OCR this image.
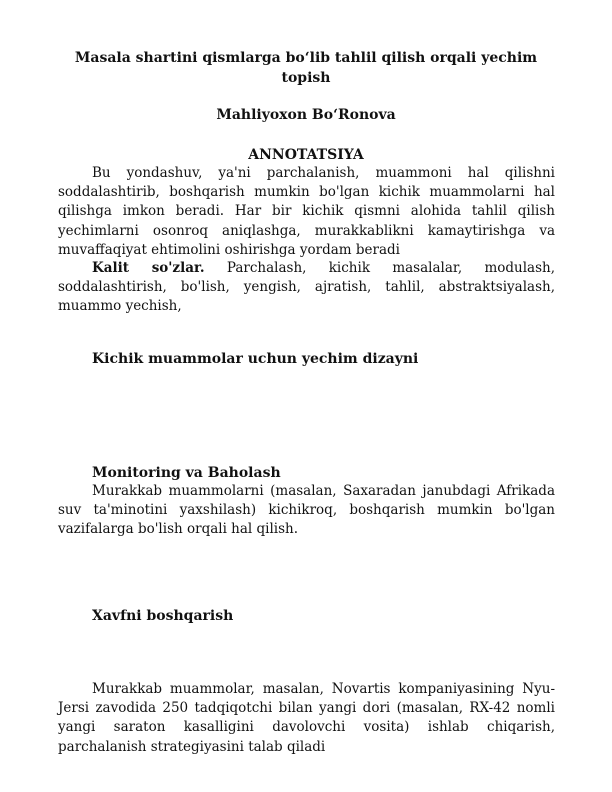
Masala shartini qismlarga bo‘lib tahlil qilish orqali yechim topish
Mahliyoxon Bo‘Ronova
ANNOTATSIYA

Bu yondashuv, ya'ni parchalanish, muammoni hal qilishni soddalashtirib, boshqarish mumkin bo'lgan kichik muammolarni hal qilishga imkon beradi. Har bir kichik qismni alohida tahlil qilish yechimlarni osonroq aniqlashga, murakkablikni kamaytirishga va muvaffaqiyat ehtimolini oshirishga yordam beradi

Kalit so'zlar. Parchalash, kichik masalalar, modulash, soddalashtirish, bo'lish, yengish, ajratish, tahlil, abstraktsiyalash, muammo yechish,

Kichik muammolar uchun yechim dizayni
Monitoring va Baholash

Murakkab muammolarni (masalan, Saxaradan janubdagi Afrikada suv ta'minotini yaxshilash) kichikroq, boshqarish mumkin bo'lgan vazifalarga bo'lish orqali hal qilish.

Xavfni boshqarish

Murakkab muammolar, masalan, Novartis kompaniyasining Nyu-Jersi zavodida 250 tadqiqotchi bilan yangi dori (masalan, RX-42 nomli yangi saraton kasalligini davolovchi vosita) ishlab chiqarish, parchalanish strategiyasini talab qiladi
